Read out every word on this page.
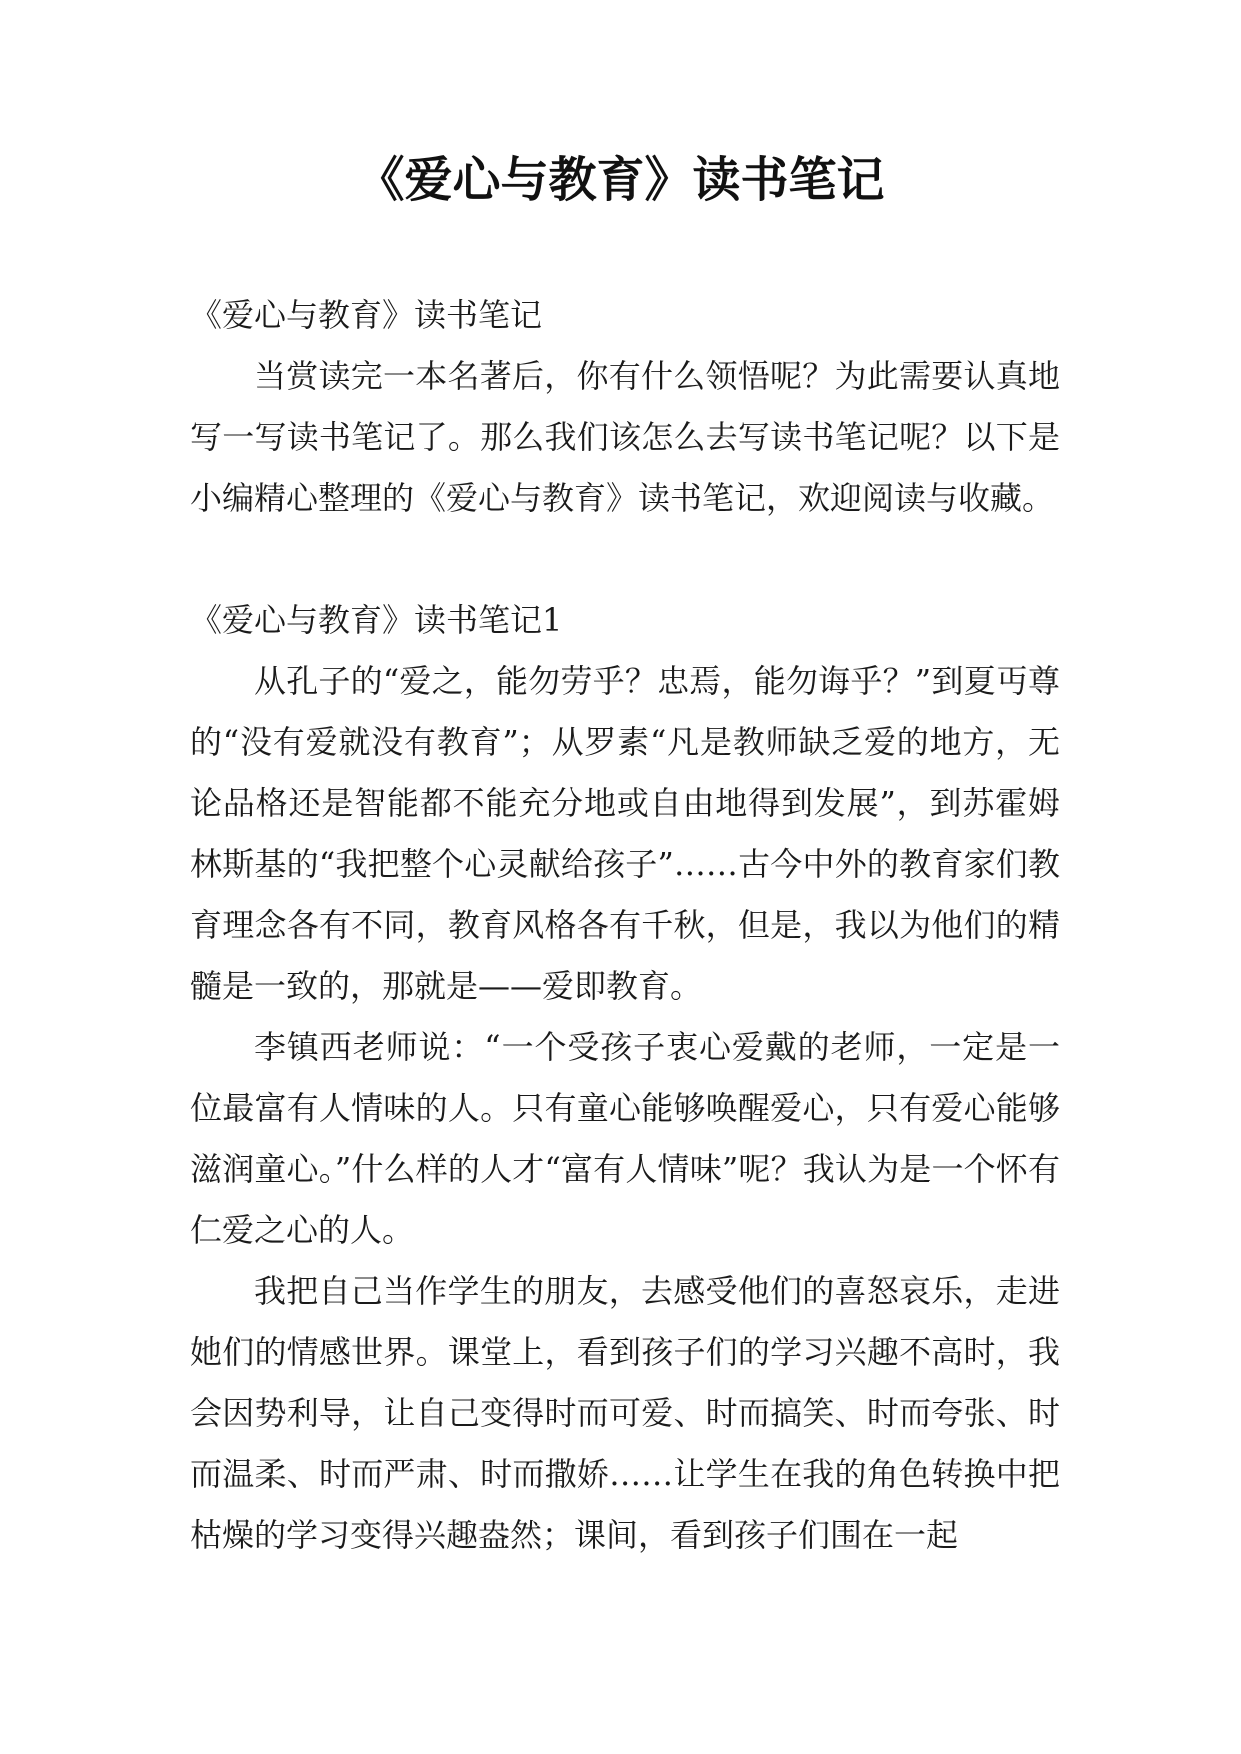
《爱心与教育》读书笔记

《爱心与教育》读书笔记

当赏读完一本名著后，你有什么领悟呢？为此需要认真地写一写读书笔记了。那么我们该怎么去写读书笔记呢？以下是小编精心整理的《爱心与教育》读书笔记，欢迎阅读与收藏。

《爱心与教育》读书笔记1

从孔子的“爱之，能勿劳乎？忠焉，能勿诲乎？”到夏丏尊的“没有爱就没有教育”；从罗素“凡是教师缺乏爱的地方，无论品格还是智能都不能充分地或自由地得到发展”，到苏霍姆林斯基的“我把整个心灵献给孩子”……古今中外的教育家们教育理念各有不同，教育风格各有千秋，但是，我以为他们的精髓是一致的，那就是——爱即教育。

李镇西老师说：“一个受孩子衷心爱戴的老师，一定是一位最富有人情味的人。只有童心能够唤醒爱心，只有爱心能够滋润童心。”什么样的人才“富有人情味”呢？我认为是一个怀有仁爱之心的人。

我把自己当作学生的朋友，去感受他们的喜怒哀乐，走进她们的情感世界。课堂上，看到孩子们的学习兴趣不高时，我会因势利导，让自己变得时而可爱、时而搞笑、时而夸张、时而温柔、时而严肃、时而撒娇……让学生在我的角色转换中把枯燥的学习变得兴趣盎然；课间，看到孩子们围在一起
